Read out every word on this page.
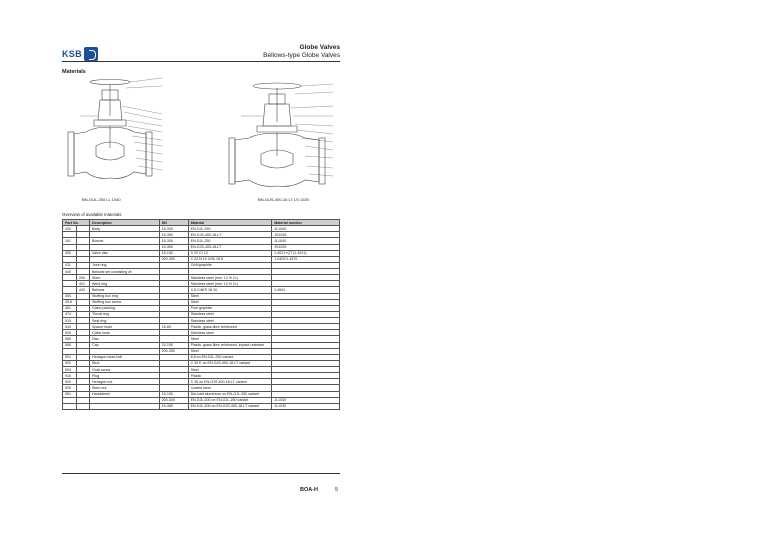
KSB
Globe Valves
Bellows-type Globe Valves
Materials
BN-GUL-250 LL 1040	BN-GUS-400-16 LT LS 1025
Overview of available materials
Part No.		Description	DN	Material	Material number
100		Body	15-300	EN-GJL-250	JL1040
			15-350	EN-GJS-400-18-LT	JS1025
161		Bonnet	15-300	EN-GJL-250	JL1040
			15-350	EN-GJS-400-18-LT	JS1025
350		Valve disc	15-150	X 20 Cr 13	1.4021+QT (1.4021)
			200-350	C 22,N 10 CrNi 18 8	1.0402/1.4370
411		Joint ring		CrNi/graphite	
440		Bellows set consisting of:			
	200	Stem		Stainless steel (min. 13 % Cr)	
	401	Weld ring		Stainless steel (min. 13 % Cr)	
	442	Bellows		X 6 CrNiTi 18 10	1.4541
454		Stuffing box ring		Steel	
45.6		Stuffing box screw		Steel	
461		Gland packing		Pure graphite	
474		Thrust ring		Stainless steel	
515		Seat ring		Stainless steel	
543		Spacer bush	15-65	Plastic, glass-fibre reinforced	
549		Collar bush		Stainless steel	
550		Disc		Steel	
580		Cap	15-150	Plastic, glass-fibre reinforced, impact-resistant	
			200-350	Steel	
901		Hexagon head bolt		8.8 on EN-GJL-250 variant	
902		Stud		C 35 E on EN-GJS-400-18-LT variant	
904		Grub screw		Steel	
916		Plug		Plastic	
920		Hexagon nut		C 35 on EN-GJS-400-18-LT variant	
925		Stem nut		Coated steel	
961		Handwheel	15-150	Die-cast aluminium on EN-GJL-250 variant	
			200-300	EN-GJL-200 on EN-GJL-250 variant	JL1030
			15-350	EN-GJL-200 on EN-GJS-400-18-LT variant	JL1030
BOA-H	5
